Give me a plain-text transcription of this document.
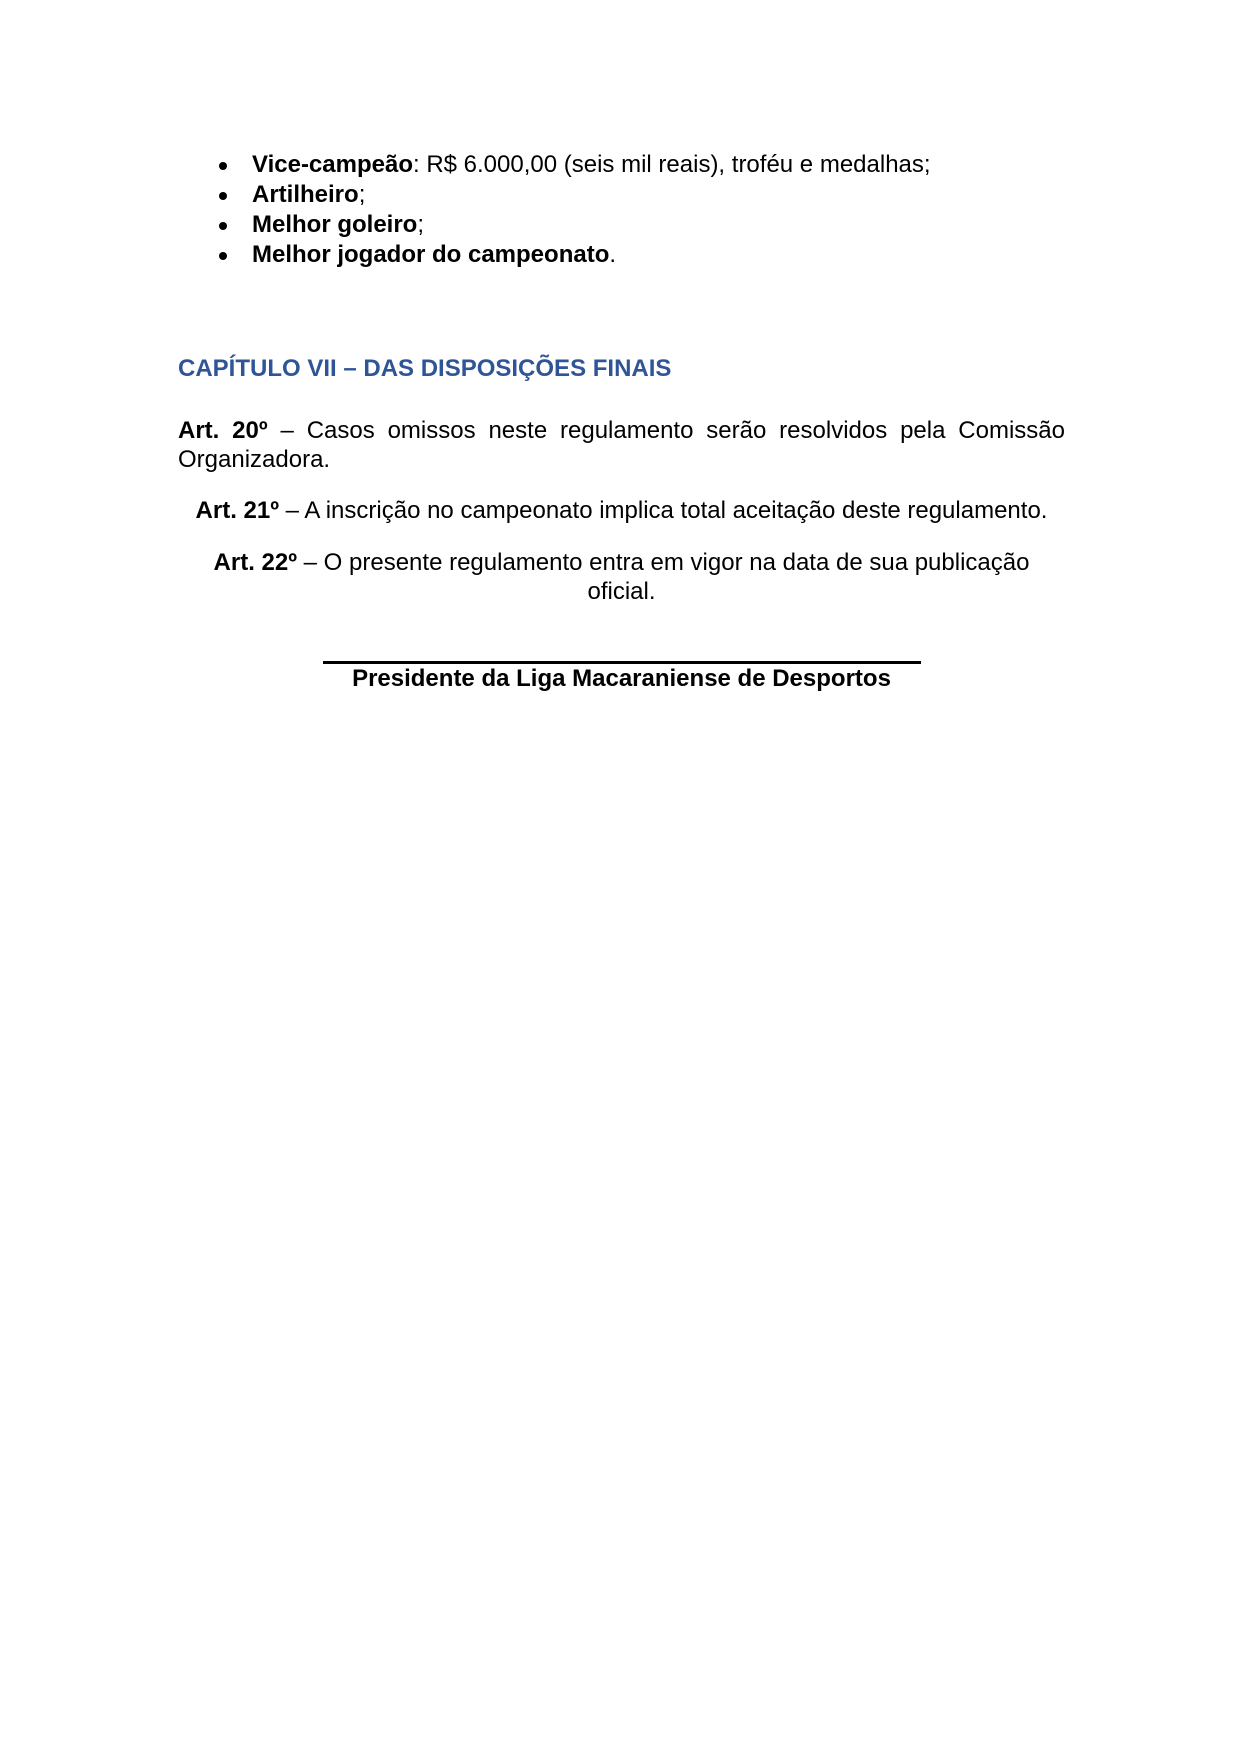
Vice-campeão: R$ 6.000,00 (seis mil reais), troféu e medalhas;
Artilheiro;
Melhor goleiro;
Melhor jogador do campeonato.
CAPÍTULO VII – DAS DISPOSIÇÕES FINAIS

Art. 20º – Casos omissos neste regulamento serão resolvidos pela Comissão Organizadora.

Art. 21º – A inscrição no campeonato implica total aceitação deste regulamento.

Art. 22º – O presente regulamento entra em vigor na data de sua publicação oficial.

Presidente da Liga Macaraniense de Desportos
